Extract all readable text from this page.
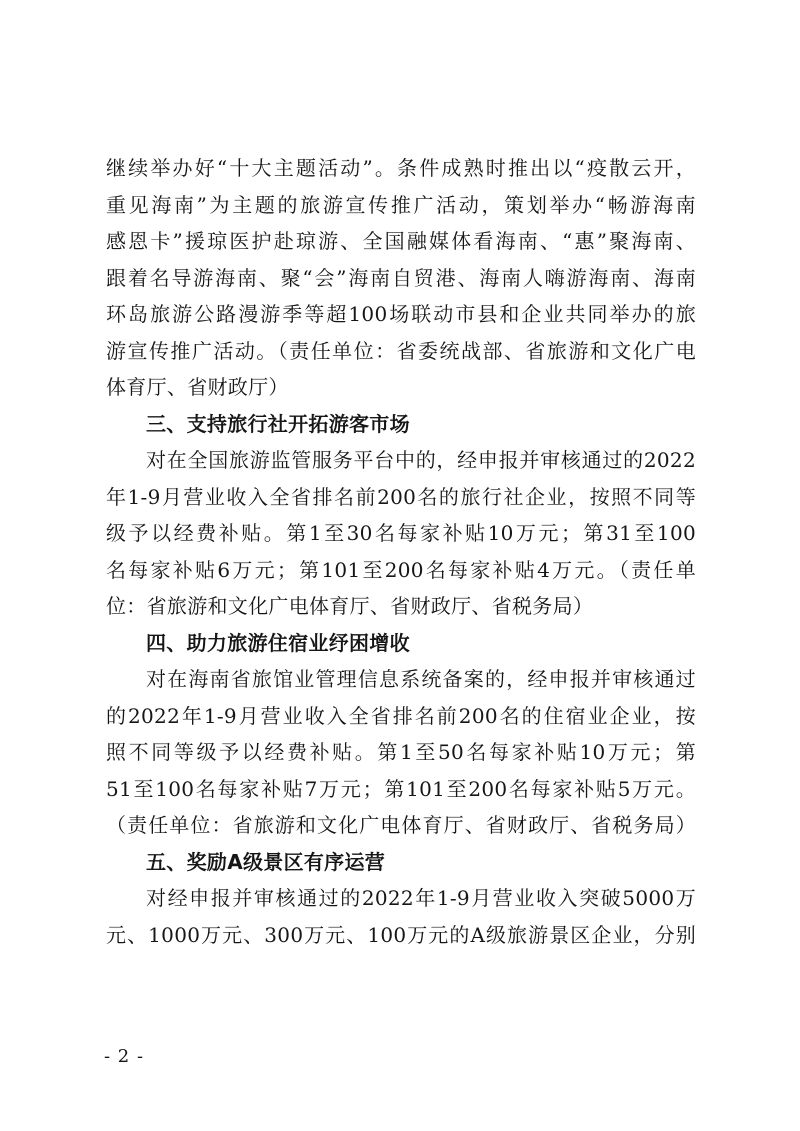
继续举办好“十大主题活动”。条件成熟时推出以“疫散云开，
重见海南”为主题的旅游宣传推广活动，策划举办“畅游海南
感恩卡”援琼医护赴琼游、全国融媒体看海南、“惠”聚海南、
跟着名导游海南、聚“会”海南自贸港、海南人嗨游海南、海南
环岛旅游公路漫游季等超100场联动市县和企业共同举办的旅
游宣传推广活动。（责任单位：省委统战部、省旅游和文化广电
体育厅、省财政厅）
三、支持旅行社开拓游客市场
对在全国旅游监管服务平台中的，经申报并审核通过的2022
年1-9月营业收入全省排名前200名的旅行社企业，按照不同等
级予以经费补贴。第1至30名每家补贴10万元；第31至100
名每家补贴6万元；第101至200名每家补贴4万元。（责任单
位：省旅游和文化广电体育厅、省财政厅、省税务局）
四、助力旅游住宿业纾困增收
对在海南省旅馆业管理信息系统备案的，经申报并审核通过
的2022年1-9月营业收入全省排名前200名的住宿业企业，按
照不同等级予以经费补贴。第1至50名每家补贴10万元；第
51至100名每家补贴7万元；第101至200名每家补贴5万元。
（责任单位：省旅游和文化广电体育厅、省财政厅、省税务局）
五、奖励A级景区有序运营
对经申报并审核通过的2022年1-9月营业收入突破5000万
元、1000万元、300万元、100万元的A级旅游景区企业，分别
- 2 -
